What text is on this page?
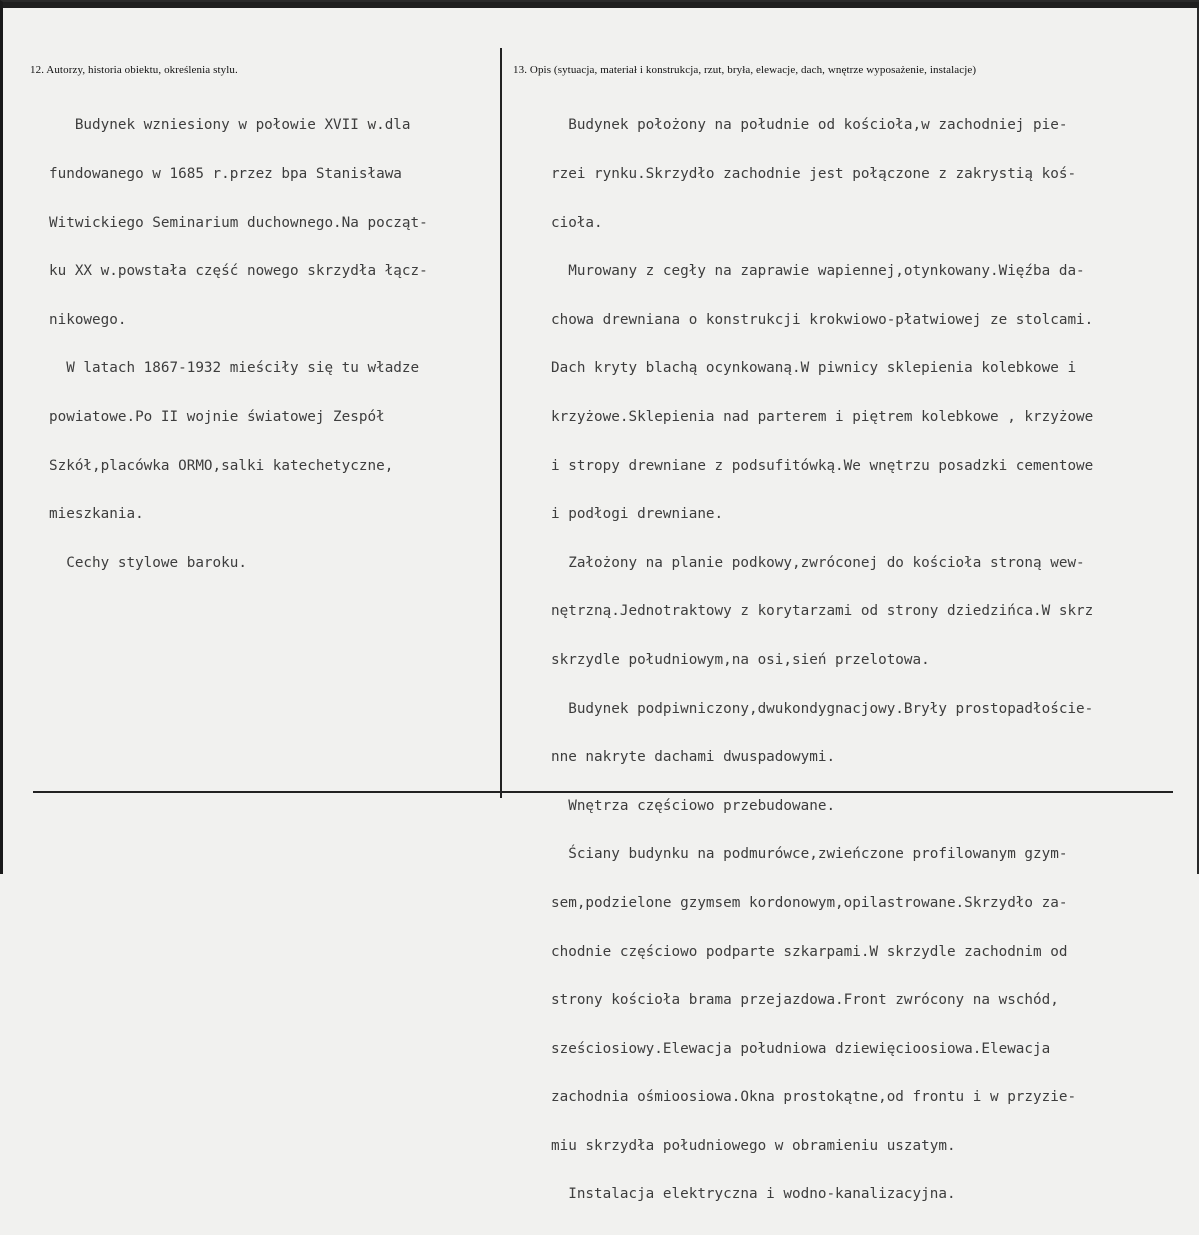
12. Autorzy, historia obiektu, określenia stylu.	13. Opis (sytuacja, materiał i konstrukcja, rzut, bryła, elewacje, dach, wnętrze wyposażenie, instalacje)

Budynek wzniesiony w połowie XVII w.dla

fundowanego w 1685 r.przez bpa Stanisława

Witwickiego Seminarium duchownego.Na począt-

ku XX w.powstała część nowego skrzydła łącz-

nikowego.

W latach 1867-1932 mieściły się tu władze

powiatowe.Po II wojnie światowej Zespół

Szkół,placówka ORMO,salki katechetyczne,

mieszkania.

Cechy stylowe baroku.

Budynek położony na południe od kościoła,w zachodniej pie-

rzei rynku.Skrzydło zachodnie jest połączone z zakrystią koś-

cioła.

Murowany z cegły na zaprawie wapiennej,otynkowany.Więźba da-

chowa drewniana o konstrukcji krokwiowo-płatwiowej ze stolcami.

Dach kryty blachą ocynkowaną.W piwnicy sklepienia kolebkowe i

krzyżowe.Sklepienia nad parterem i piętrem kolebkowe , krzyżowe

i stropy drewniane z podsufitówką.We wnętrzu posadzki cementowe

i podłogi drewniane.

Założony na planie podkowy,zwróconej do kościoła stroną wew-

nętrzną.Jednotraktowy z korytarzami od strony dziedzińca.W skrz

skrzydle południowym,na osi,sień przelotowa.

Budynek podpiwniczony,dwukondygnacjowy.Bryły prostopadłoście-

nne nakryte dachami dwuspadowymi.

Wnętrza częściowo przebudowane.

Ściany budynku na podmurówce,zwieńczone profilowanym gzym-

sem,podzielone gzymsem kordonowym,opilastrowane.Skrzydło za-

chodnie częściowo podparte szkarpami.W skrzydle zachodnim od

strony kościoła brama przejazdowa.Front zwrócony na wschód,

sześciosiowy.Elewacja południowa dziewięcioosiowa.Elewacja

zachodnia ośmioosiowa.Okna prostokątne,od frontu i w przyzie-

miu skrzydła południowego w obramieniu uszatym.

Instalacja elektryczna i wodno-kanalizacyjna.
